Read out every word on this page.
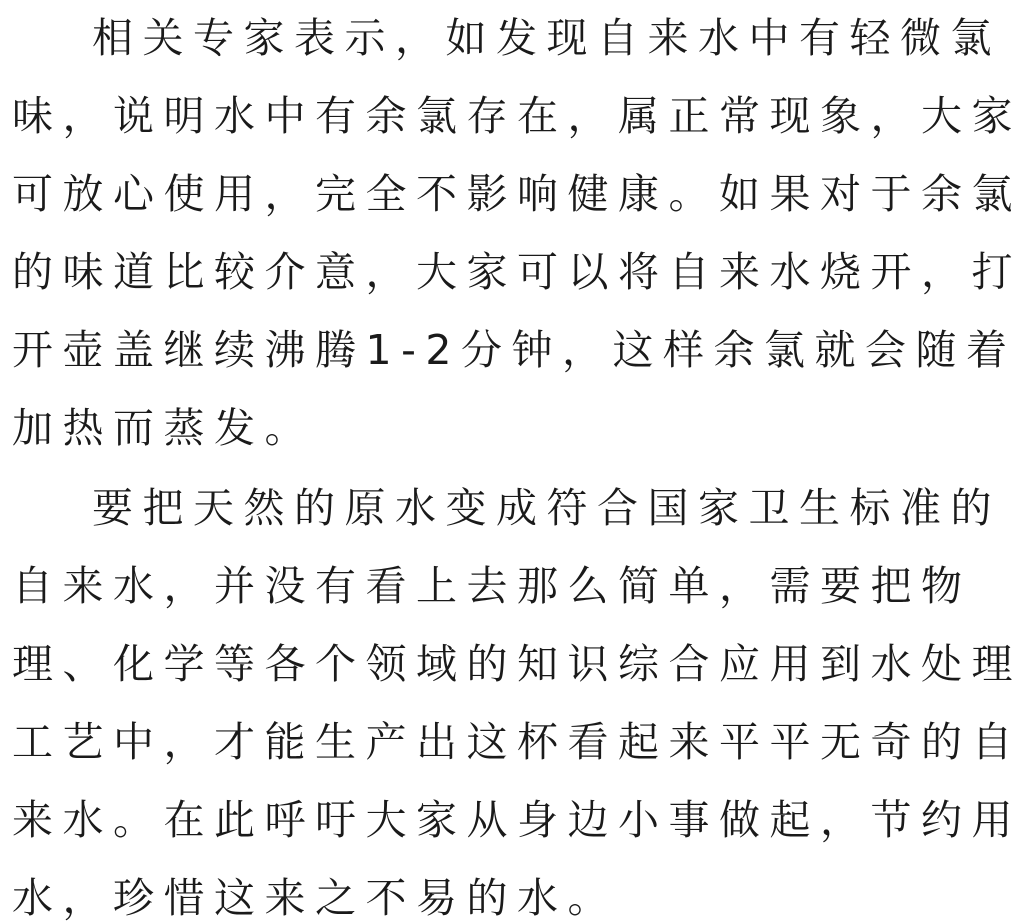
相关专家表示，如发现自来水中有轻微氯
味，说明水中有余氯存在，属正常现象，大家
可放心使用，完全不影响健康。如果对于余氯
的味道比较介意，大家可以将自来水烧开，打
开壶盖继续沸腾1-2分钟，这样余氯就会随着
加热而蒸发。
要把天然的原水变成符合国家卫生标准的
自来水，并没有看上去那么简单，需要把物
理、化学等各个领域的知识综合应用到水处理
工艺中，才能生产出这杯看起来平平无奇的自
来水。在此呼吁大家从身边小事做起，节约用
水，珍惜这来之不易的水。
